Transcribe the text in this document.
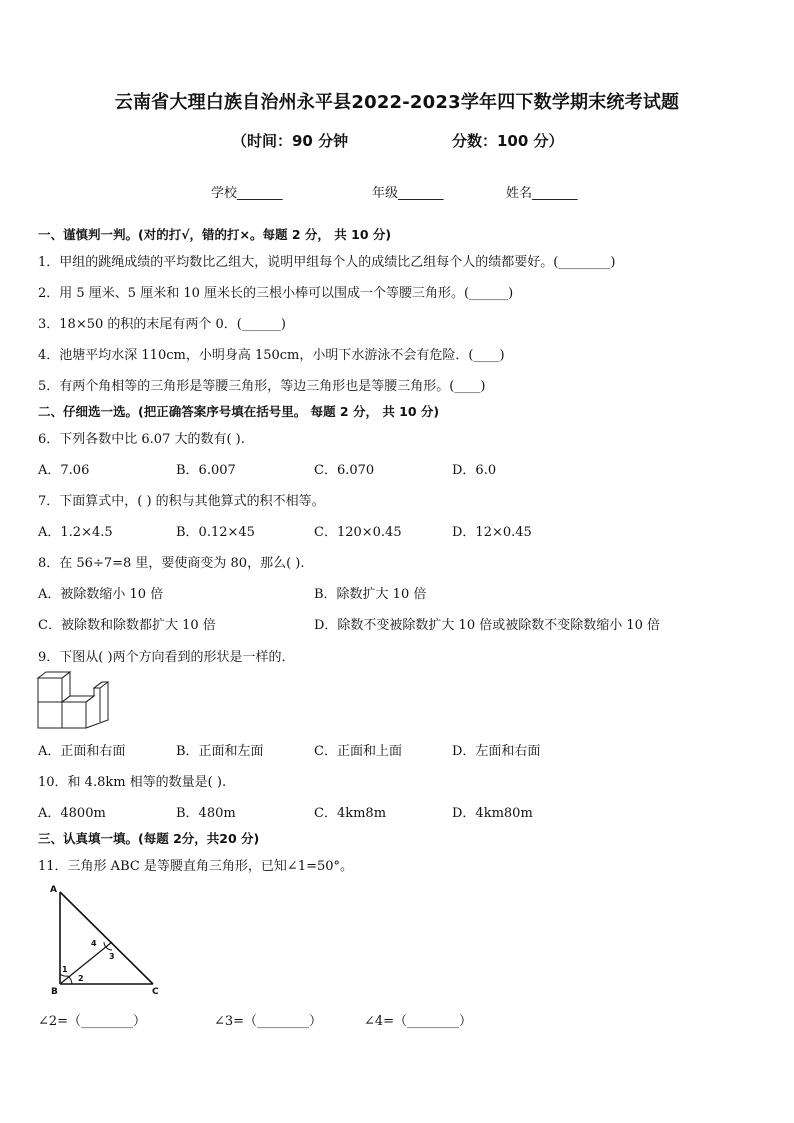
云南省大理白族自治州永平县2022-2023学年四下数学期末统考试题
（时间：90 分钟	分数：100 分）
学校_______	年级_______	姓名_______
一、谨慎判一判。(对的打√，错的打×。每题 2 分， 共 10 分)
1．甲组的跳绳成绩的平均数比乙组大，说明甲组每个人的成绩比乙组每个人的绩都要好。(________)
2．用 5 厘米、5 厘米和 10 厘米长的三根小棒可以围成一个等腰三角形。(______)
3．18×50 的积的末尾有两个 0．(______)
4．池塘平均水深 110cm，小明身高 150cm，小明下水游泳不会有危险．(____)
5．有两个角相等的三角形是等腰三角形，等边三角形也是等腰三角形。(____)
二、仔细选一选。(把正确答案序号填在括号里。 每题 2 分， 共 10 分)
6．下列各数中比 6.07 大的数有( ).
A．7.06	B．6.007	C．6.070	D．6.0
7．下面算式中，( ) 的积与其他算式的积不相等。
A．1.2×4.5	B．0.12×45	C．120×0.45	D．12×0.45
8．在 56÷7=8 里，要使商变为 80，那么( ).
A．被除数缩小 10 倍	B．除数扩大 10 倍
C．被除数和除数都扩大 10 倍	D．除数不变被除数扩大 10 倍或被除数不变除数缩小 10 倍
9．下图从( )两个方向看到的形状是一样的．
A．正面和右面	B．正面和左面	C．正面和上面	D．左面和右面
10．和 4.8km 相等的数量是( ).
A．4800m	B．480m	C．4km8m	D．4km80m
三、认真填一填。(每题 2分，共20 分)
11．三角形 ABC 是等腰直角三角形，已知∠1=50°。
A
B	C
1
2
3
4
∠2=（________）	∠3=（________）	∠4=（________）
